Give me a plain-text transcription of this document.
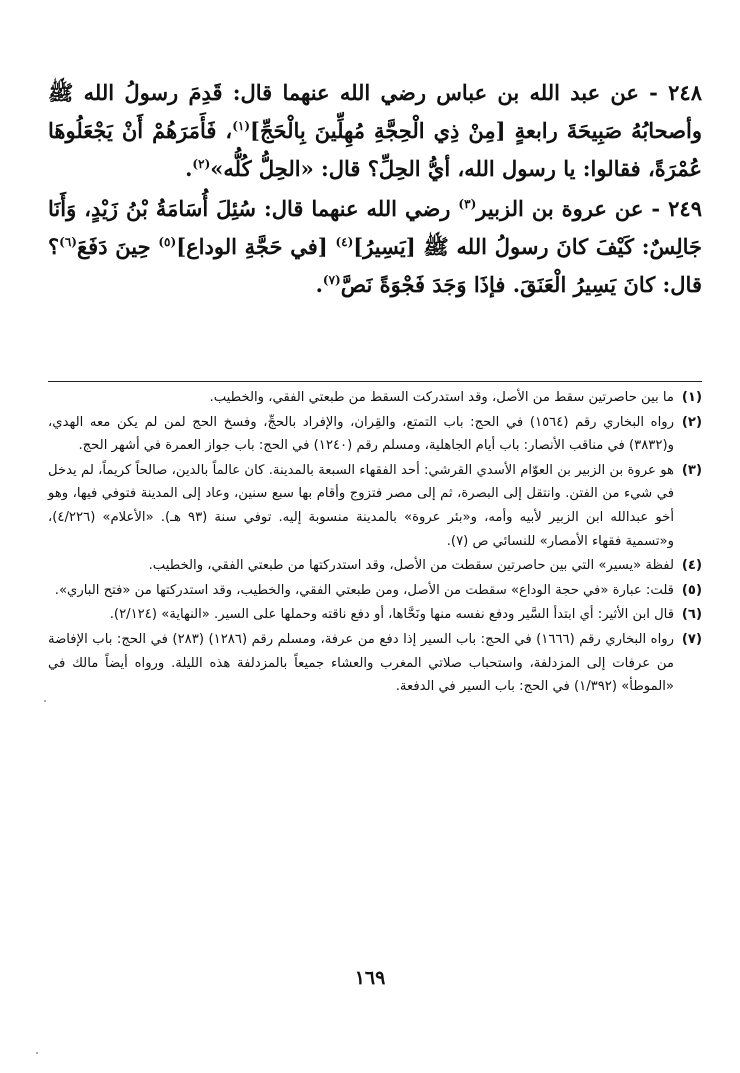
٢٤٨ - عن عبد الله بن عباس رضي الله عنهما قال: قَدِمَ رسولُ الله ﷺ وأصحابُهُ صَبِيحَةَ رابعةٍ [مِنْ ذِي الْحِجَّةِ مُهِلِّينَ بِالْحَجِّ]$^{(١)}$، فَأَمَرَهُمْ أَنْ يَجْعَلُوهَا عُمْرَةً، فقالوا: يا رسول الله، أيُّ الحِلِّ؟ قال: «الحِلُّ كُلُّه»$^{(٢)}$.

٢٤٩ - عن عروة بن الزبير$^{(٣)}$ رضي الله عنهما قال: سُئِلَ أُسَامَةُ بْنُ زَيْدٍ، وَأَنَا جَالِسٌ: كَيْفَ كانَ رسولُ الله ﷺ [يَسِيرُ]$^{(٤)}$ [في حَجَّةِ الوداع]$^{(٥)}$ حِينَ دَفَعَ$^{(٦)}$؟ قال: كانَ يَسِيرُ الْعَنَقَ. فإذَا وَجَدَ فَجْوَةً نَصَّ$^{(٧)}$.

(١)
ما بين حاصرتين سقط من الأصل، وقد استدركت السقط من طبعتي الفقي، والخطيب.
(٢)
رواه البخاري رقم (١٥٦٤) في الحج: باب التمتع، والقِران، والإفراد بالحجِّ، وفسخ الحج لمن لم يكن معه الهدي، و(٣٨٣٢) في مناقب الأنصار: باب أيام الجاهلية، ومسلم رقم (١٢٤٠) في الحج: باب جواز العمرة في أشهر الحج.
(٣)
هو عروة بن الزبير بن العوّام الأسدي القرشي: أحد الفقهاء السبعة بالمدينة. كان عالماً بالدين، صالحاً كريماً، لم يدخل في شيء من الفتن. وانتقل إلى البصرة، ثم إلى مصر فتزوج وأقام بها سبع سنين، وعاد إلى المدينة فتوفي فيها، وهو أخو عبدالله ابن الزبير لأبيه وأمه، و«بئر عروة» بالمدينة منسوبة إليه. توفي سنة (٩٣ هـ). «الأعلام» (٤/٢٢٦)، و«تسمية فقهاء الأمصار» للنسائي ص (٧).
(٤)
لفظة «يسير» التي بين حاصرتين سقطت من الأصل، وقد استدركتها من طبعتي الفقي، والخطيب.
(٥)
قلت: عبارة «في حجة الوداع» سقطت من الأصل، ومن طبعتي الفقي، والخطيب، وقد استدركتها من «فتح الباري».
(٦)
قال ابن الأثير: أي ابتدأ السَّير ودفع نفسه منها ونَحَّاها، أو دفع ناقته وحملها على السير. «النهاية» (٢/١٢٤).
(٧)
رواه البخاري رقم (١٦٦٦) في الحج: باب السير إذا دفع من عرفة، ومسلم رقم (١٢٨٦) (٢٨٣) في الحج: باب الإفاضة من عرفات إلى المزدلفة، واستحباب صلاتي المغرب والعشاء جميعاً بالمزدلفة هذه الليلة. ورواه أيضاً مالك في «الموطأ» (١/٣٩٢) في الحج: باب السير في الدفعة.
١٦٩
